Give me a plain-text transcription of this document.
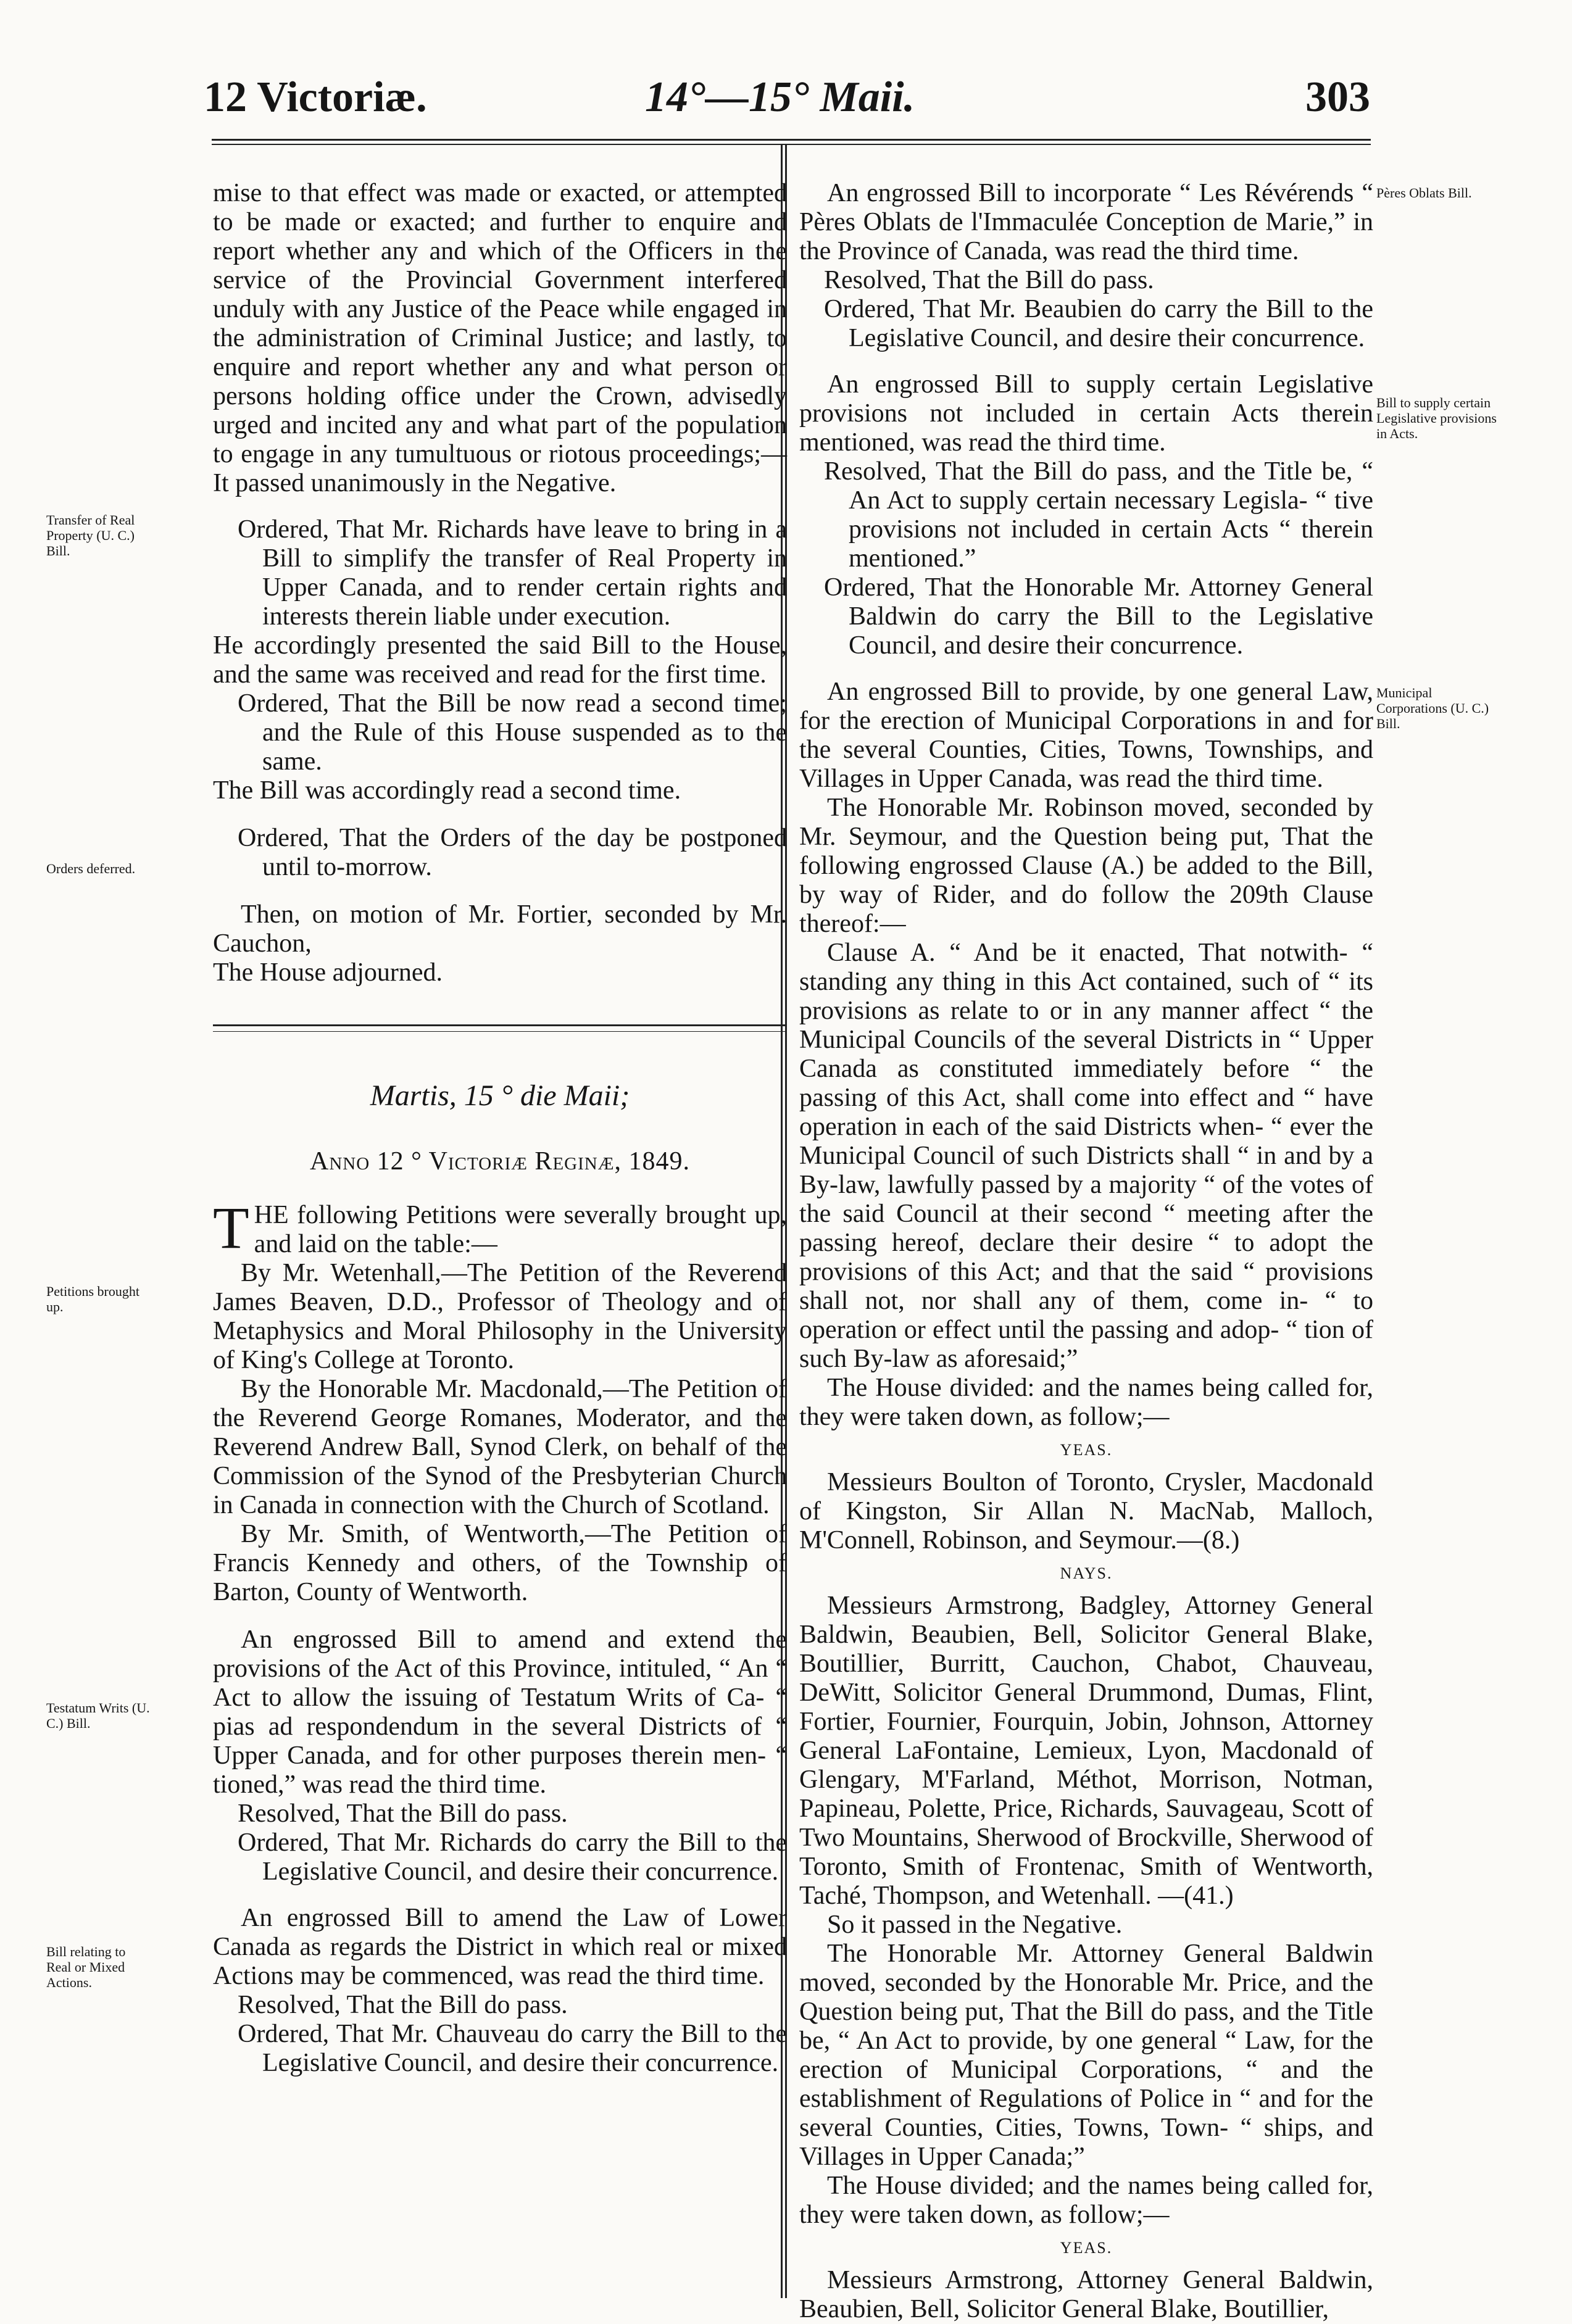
12 Victoriæ.	14°—15° Maii.	303
Transfer of Real Property (U. C.) Bill.
Orders deferred.
Petitions brought up.
Testatum Writs (U. C.) Bill.
Bill relating to Real or Mixed Actions.
Pères Oblats Bill.
Bill to supply certain Legislative provisions in Acts.
Municipal Corporations (U. C.) Bill.

mise to that effect was made or exacted, or attempted to be made or exacted; and further to enquire and report whether any and which of the Officers in the service of the Provincial Government interfered unduly with any Justice of the Peace while engaged in the administration of Criminal Justice; and lastly, to enquire and report whether any and what person or persons holding office under the Crown, advisedly urged and incited any and what part of the population to engage in any tumultuous or riotous proceedings;—It passed unanimously in the Negative.

Ordered, That Mr. Richards have leave to bring in a Bill to simplify the transfer of Real Property in Upper Canada, and to render certain rights and interests therein liable under execution.

He accordingly presented the said Bill to the House, and the same was received and read for the first time.

Ordered, That the Bill be now read a second time; and the Rule of this House suspended as to the same.

The Bill was accordingly read a second time.

Ordered, That the Orders of the day be postponed until to-morrow.

Then, on motion of Mr. Fortier, seconded by Mr. Cauchon,

The House adjourned.

Martis, 15 ° die Maii;

Anno 12 ° Victoriæ Reginæ, 1849.

THE following Petitions were severally brought up, and laid on the table:—

By Mr. Wetenhall,—The Petition of the Reverend James Beaven, D.D., Professor of Theology and of Metaphysics and Moral Philosophy in the University of King's College at Toronto.

By the Honorable Mr. Macdonald,—The Petition of the Reverend George Romanes, Moderator, and the Reverend Andrew Ball, Synod Clerk, on behalf of the Commission of the Synod of the Presbyterian Church in Canada in connection with the Church of Scotland.

By Mr. Smith, of Wentworth,—The Petition of Francis Kennedy and others, of the Township of Barton, County of Wentworth.

An engrossed Bill to amend and extend the provisions of the Act of this Province, intituled, “ An “ Act to allow the issuing of Testatum Writs of Ca- “ pias ad respondendum in the several Districts of “ Upper Canada, and for other purposes therein men- “ tioned,” was read the third time.

Resolved, That the Bill do pass.

Ordered, That Mr. Richards do carry the Bill to the Legislative Council, and desire their concurrence.

An engrossed Bill to amend the Law of Lower Canada as regards the District in which real or mixed Actions may be commenced, was read the third time.

Resolved, That the Bill do pass.

Ordered, That Mr. Chauveau do carry the Bill to the Legislative Council, and desire their concurrence.

An engrossed Bill to incorporate “ Les Révérends “ Pères Oblats de l'Immaculée Conception de Marie,” in the Province of Canada, was read the third time.

Resolved, That the Bill do pass.

Ordered, That Mr. Beaubien do carry the Bill to the Legislative Council, and desire their concurrence.

An engrossed Bill to supply certain Legislative provisions not included in certain Acts therein mentioned, was read the third time.

Resolved, That the Bill do pass, and the Title be, “ An Act to supply certain necessary Legisla- “ tive provisions not included in certain Acts “ therein mentioned.”

Ordered, That the Honorable Mr. Attorney General Baldwin do carry the Bill to the Legislative Council, and desire their concurrence.

An engrossed Bill to provide, by one general Law, for the erection of Municipal Corporations in and for the several Counties, Cities, Towns, Townships, and Villages in Upper Canada, was read the third time.

The Honorable Mr. Robinson moved, seconded by Mr. Seymour, and the Question being put, That the following engrossed Clause (A.) be added to the Bill, by way of Rider, and do follow the 209th Clause thereof:—

Clause A. “ And be it enacted, That notwith- “ standing any thing in this Act contained, such of “ its provisions as relate to or in any manner affect “ the Municipal Councils of the several Districts in “ Upper Canada as constituted immediately before “ the passing of this Act, shall come into effect and “ have operation in each of the said Districts when- “ ever the Municipal Council of such Districts shall “ in and by a By-law, lawfully passed by a majority “ of the votes of the said Council at their second “ meeting after the passing hereof, declare their desire “ to adopt the provisions of this Act; and that the said “ provisions shall not, nor shall any of them, come in- “ to operation or effect until the passing and adop- “ tion of such By-law as aforesaid;”

The House divided: and the names being called for, they were taken down, as follow;—

YEAS.

Messieurs Boulton of Toronto, Crysler, Macdonald of Kingston, Sir Allan N. MacNab, Malloch, M'Connell, Robinson, and Seymour.—(8.)

NAYS.

Messieurs Armstrong, Badgley, Attorney General Baldwin, Beaubien, Bell, Solicitor General Blake, Boutillier, Burritt, Cauchon, Chabot, Chauveau, DeWitt, Solicitor General Drummond, Dumas, Flint, Fortier, Fournier, Fourquin, Jobin, Johnson, Attorney General LaFontaine, Lemieux, Lyon, Macdonald of Glengary, M'Farland, Méthot, Morrison, Notman, Papineau, Polette, Price, Richards, Sauvageau, Scott of Two Mountains, Sherwood of Brockville, Sherwood of Toronto, Smith of Frontenac, Smith of Wentworth, Taché, Thompson, and Wetenhall. —(41.)

So it passed in the Negative.

The Honorable Mr. Attorney General Baldwin moved, seconded by the Honorable Mr. Price, and the Question being put, That the Bill do pass, and the Title be, “ An Act to provide, by one general “ Law, for the erection of Municipal Corporations, “ and the establishment of Regulations of Police in “ and for the several Counties, Cities, Towns, Town- “ ships, and Villages in Upper Canada;”

The House divided; and the names being called for, they were taken down, as follow;—

YEAS.

Messieurs Armstrong, Attorney General Baldwin, Beaubien, Bell, Solicitor General Blake, Boutillier,
